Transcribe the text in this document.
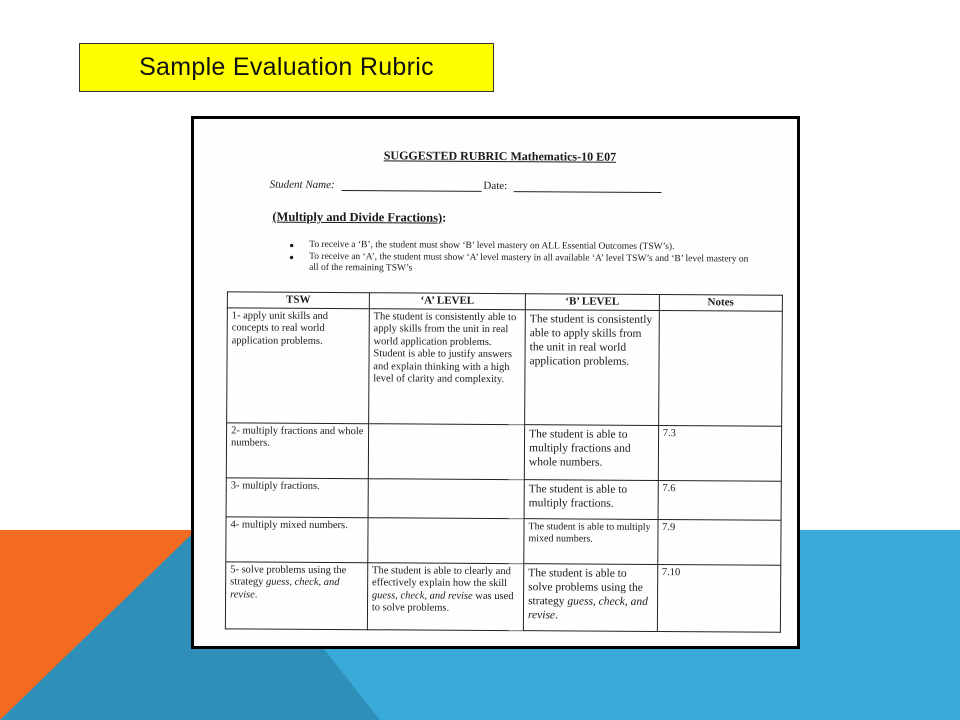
Sample Evaluation Rubric
SUGGESTED RUBRIC Mathematics-10 E07
Student Name:	Date:
(Multiply and Divide Fractions):
●	To receive a ‘B’, the student must show ‘B’ level mastery on ALL Essential Outcomes (TSW’s).
●	To receive an ‘A’, the student must show ‘A’ level mastery in all available ‘A’ level TSW’s and ‘B’ level mastery on all of the remaining TSW’s
TSW	‘A’ LEVEL	‘B’ LEVEL	Notes
1- apply unit skills and concepts to real world application problems.	The student is consistently able to apply skills from the unit in real world application problems. Student is able to justify answers and explain thinking with a high level of clarity and complexity.	The student is consistently able to apply skills from the unit in real world application problems.	
2- multiply fractions and whole numbers.		The student is able to multiply fractions and whole numbers.	7.3
3- multiply fractions.		The student is able to multiply fractions.	7.6
4- multiply mixed numbers.		The student is able to multiply mixed numbers.	7.9
5- solve problems using the strategy guess, check, and revise.	The student is able to clearly and effectively explain how the skill guess, check, and revise was used to solve problems.	The student is able to solve problems using the strategy guess, check, and revise.	7.10
